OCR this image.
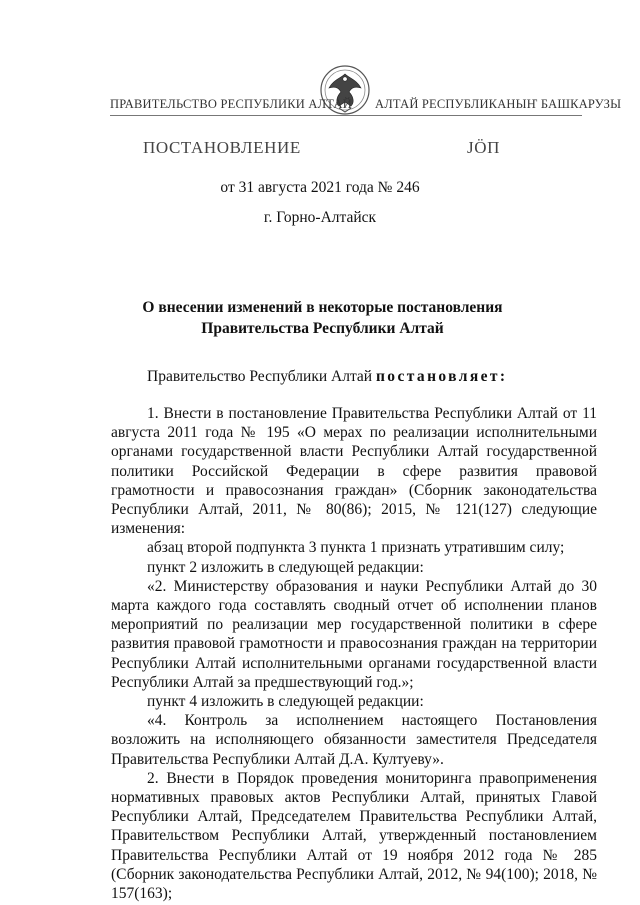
ПРАВИТЕЛЬСТВО РЕСПУБЛИКИ АЛТАЙ АЛТАЙ РЕСПУБЛИКАНЫҤ БАШКАРУЗЫ
ПОСТАНОВЛЕНИЕ	ЈӦП
от 31 августа 2021 года № 246
г. Горно-Алтайск
О внесении изменений в некоторые постановления Правительства Республики Алтай
Правительство Республики Алтай постановляет:

1. Внести в постановление Правительства Республики Алтай от 11 августа 2011 года № 195 «О мерах по реализации исполнительными органами государственной власти Республики Алтай государственной политики Российской Федерации в сфере развития правовой грамотности и правосознания граждан» (Сборник законодательства Республики Алтай, 2011, № 80(86); 2015, № 121(127) следующие изменения:

абзац второй подпункта 3 пункта 1 признать утратившим силу;

пункт 2 изложить в следующей редакции:

«2. Министерству образования и науки Республики Алтай до 30 марта каждого года составлять сводный отчет об исполнении планов мероприятий по реализации мер государственной политики в сфере развития правовой грамотности и правосознания граждан на территории Республики Алтай исполнительными органами государственной власти Республики Алтай за предшествующий год.»;

пункт 4 изложить в следующей редакции:

«4. Контроль за исполнением настоящего Постановления возложить на исполняющего обязанности заместителя Председателя Правительства Республики Алтай Д.А. Култуеву».

2. Внести в Порядок проведения мониторинга правоприменения нормативных правовых актов Республики Алтай, принятых Главой Республики Алтай, Председателем Правительства Республики Алтай, Правительством Республики Алтай, утвержденный постановлением Правительства Республики Алтай от 19 ноября 2012 года № 285 (Сборник законодательства Республики Алтай, 2012, № 94(100); 2018, № 157(163);
